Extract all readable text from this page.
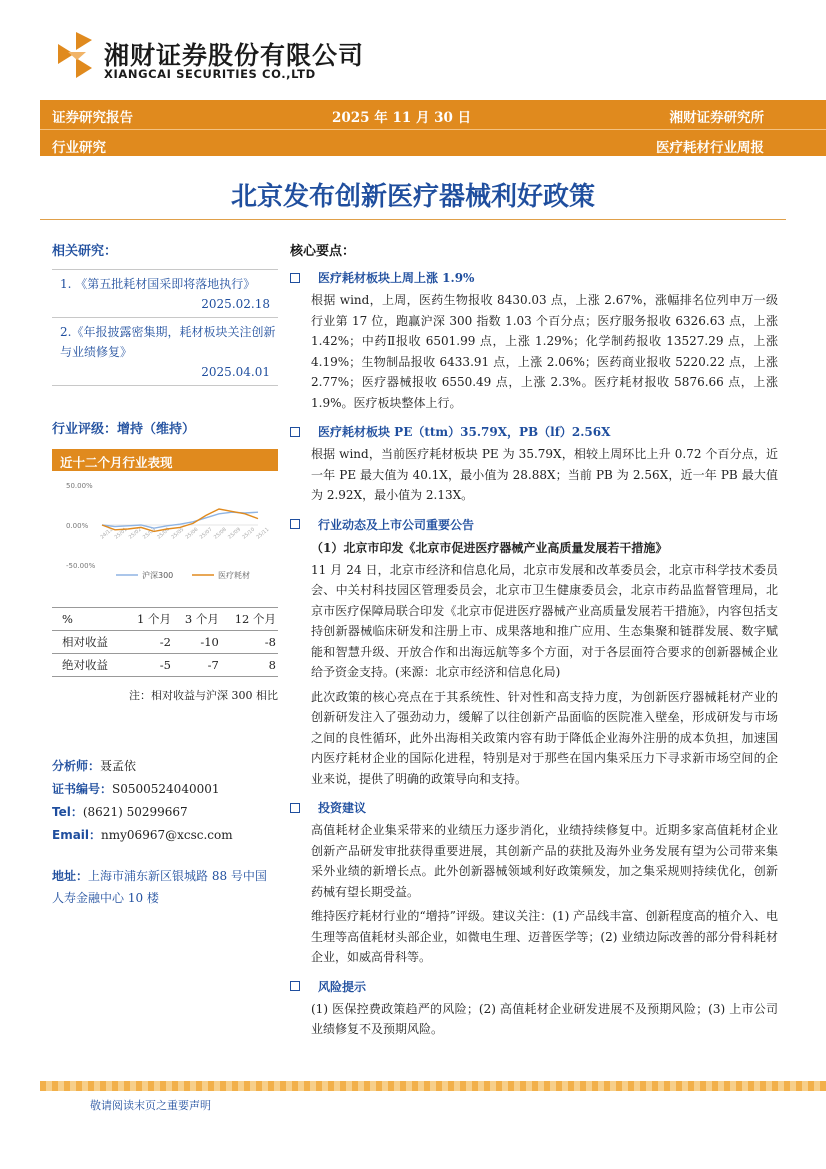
湘财证券股份有限公司
XIANGCAI SECURITIES CO.,LTD
证券研究报告	2025 年 11 月 30 日	湘财证券研究所
行业研究	医疗耗材行业周报
北京发布创新医疗器械利好政策
相关研究：
1. 《第五批耗材国采即将落地执行》
2025.02.18
2.《年报披露密集期，耗材板块关注创新与业绩修复》
2025.04.01
行业评级：增持（维持）
近十二个月行业表现
50.00%
0.00%
-50.00%
24/12 25/01 25/02 25/03 25/04 25/05 25/06 25/07 25/08 25/09 25/10 25/11
沪深300	医疗耗材
%	1 个月	3 个月	12 个月
相对收益	-2	-10	-8
绝对收益	-5	-7	8
注：相对收益与沪深 300 相比
分析师：聂孟依
证书编号：S0500524040001
Tel：(8621) 50299667
Email：nmy06967@xcsc.com
地址：上海市浦东新区银城路 88 号中国人寿金融中心 10 楼
核心要点：
医疗耗材板块上周上涨 1.9%
根据 wind，上周，医药生物报收 8430.03 点，上涨 2.67%，涨幅排名位列申万一级行业第 17 位，跑赢沪深 300 指数 1.03 个百分点；医疗服务报收 6326.63 点，上涨 1.42%；中药Ⅱ报收 6501.99 点，上涨 1.29%；化学制药报收 13527.29 点，上涨 4.19%；生物制品报收 6433.91 点，上涨 2.06%；医药商业报收 5220.22 点，上涨 2.77%；医疗器械报收 6550.49 点，上涨 2.3%。医疗耗材报收 5876.66 点，上涨 1.9%。医疗板块整体上行。
医疗耗材板块 PE（ttm）35.79X，PB（lf）2.56X
根据 wind，当前医疗耗材板块 PE 为 35.79X，相较上周环比上升 0.72 个百分点，近一年 PE 最大值为 40.1X，最小值为 28.88X；当前 PB 为 2.56X，近一年 PB 最大值为 2.92X，最小值为 2.13X。
行业动态及上市公司重要公告
（1）北京市印发《北京市促进医疗器械产业高质量发展若干措施》
11 月 24 日，北京市经济和信息化局，北京市发展和改革委员会，北京市科学技术委员会、中关村科技园区管理委员会，北京市卫生健康委员会，北京市药品监督管理局，北京市医疗保障局联合印发《北京市促进医疗器械产业高质量发展若干措施》，内容包括支持创新器械临床研发和注册上市、成果落地和推广应用、生态集聚和链群发展、数字赋能和智慧升级、开放合作和出海远航等多个方面，对于各层面符合要求的创新器械企业给予资金支持。(来源：北京市经济和信息化局)
此次政策的核心亮点在于其系统性、针对性和高支持力度，为创新医疗器械耗材产业的创新研发注入了强劲动力，缓解了以往创新产品面临的医院准入壁垒，形成研发与市场之间的良性循环，此外出海相关政策内容有助于降低企业海外注册的成本负担，加速国内医疗耗材企业的国际化进程，特别是对于那些在国内集采压力下寻求新市场空间的企业来说，提供了明确的政策导向和支持。
投资建议
高值耗材企业集采带来的业绩压力逐步消化，业绩持续修复中。近期多家高值耗材企业创新产品研发审批获得重要进展，其创新产品的获批及海外业务发展有望为公司带来集采外业绩的新增长点。此外创新器械领域利好政策频发，加之集采规则持续优化，创新药械有望长期受益。
维持医疗耗材行业的“增持”评级。建议关注：(1) 产品线丰富、创新程度高的植介入、电生理等高值耗材头部企业，如微电生理、迈普医学等；(2) 业绩边际改善的部分骨科耗材企业，如威高骨科等。
风险提示
(1) 医保控费政策趋严的风险；(2) 高值耗材企业研发进展不及预期风险；(3) 上市公司业绩修复不及预期风险。
敬请阅读末页之重要声明
